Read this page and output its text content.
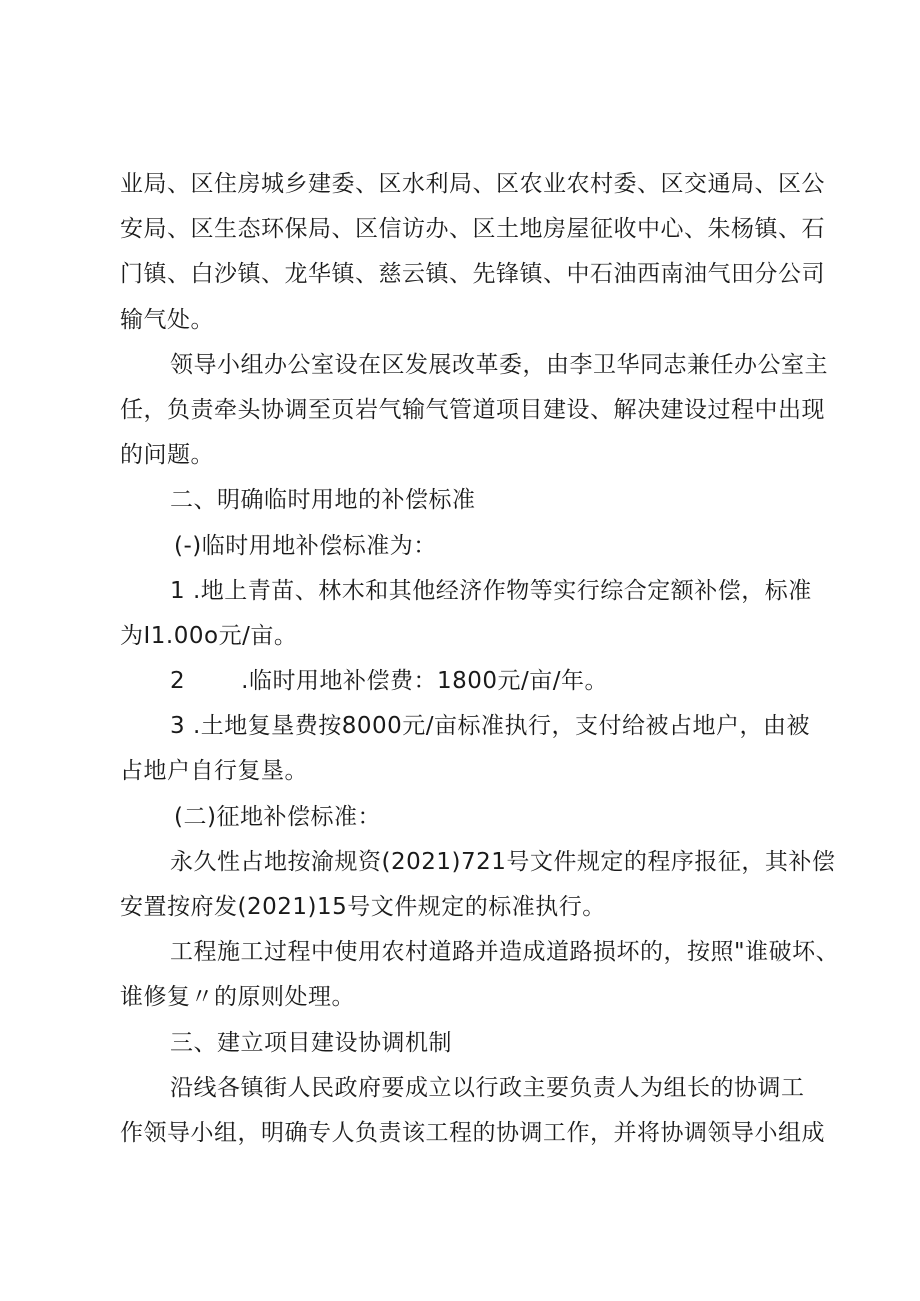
业局、区住房城乡建委、区水利局、区农业农村委、区交通局、区公
安局、区生态环保局、区信访办、区土地房屋征收中心、朱杨镇、石
门镇、白沙镇、龙华镇、慈云镇、先锋镇、中石油西南油气田分公司
输气处。
领导小组办公室设在区发展改革委，由李卫华同志兼任办公室主
任，负责牵头协调至页岩气输气管道项目建设、解决建设过程中出现
的问题。
二、明确临时用地的补偿标准
(-)临时用地补偿标准为：
1 .地上青苗、林木和其他经济作物等实行综合定额补偿，标准
为I1.00o元/亩。
2 .临时用地补偿费：1800元/亩/年。
3 .土地复垦费按8000元/亩标准执行，支付给被占地户，由被
占地户自行复垦。
(二)征地补偿标准：
永久性占地按渝规资(2021)721号文件规定的程序报征，其补偿
安置按府发(2021)15号文件规定的标准执行。
工程施工过程中使用农村道路并造成道路损坏的，按照"谁破坏、
谁修复〃的原则处理。
三、建立项目建设协调机制
沿线各镇街人民政府要成立以行政主要负责人为组长的协调工
作领导小组，明确专人负责该工程的协调工作，并将协调领导小组成
